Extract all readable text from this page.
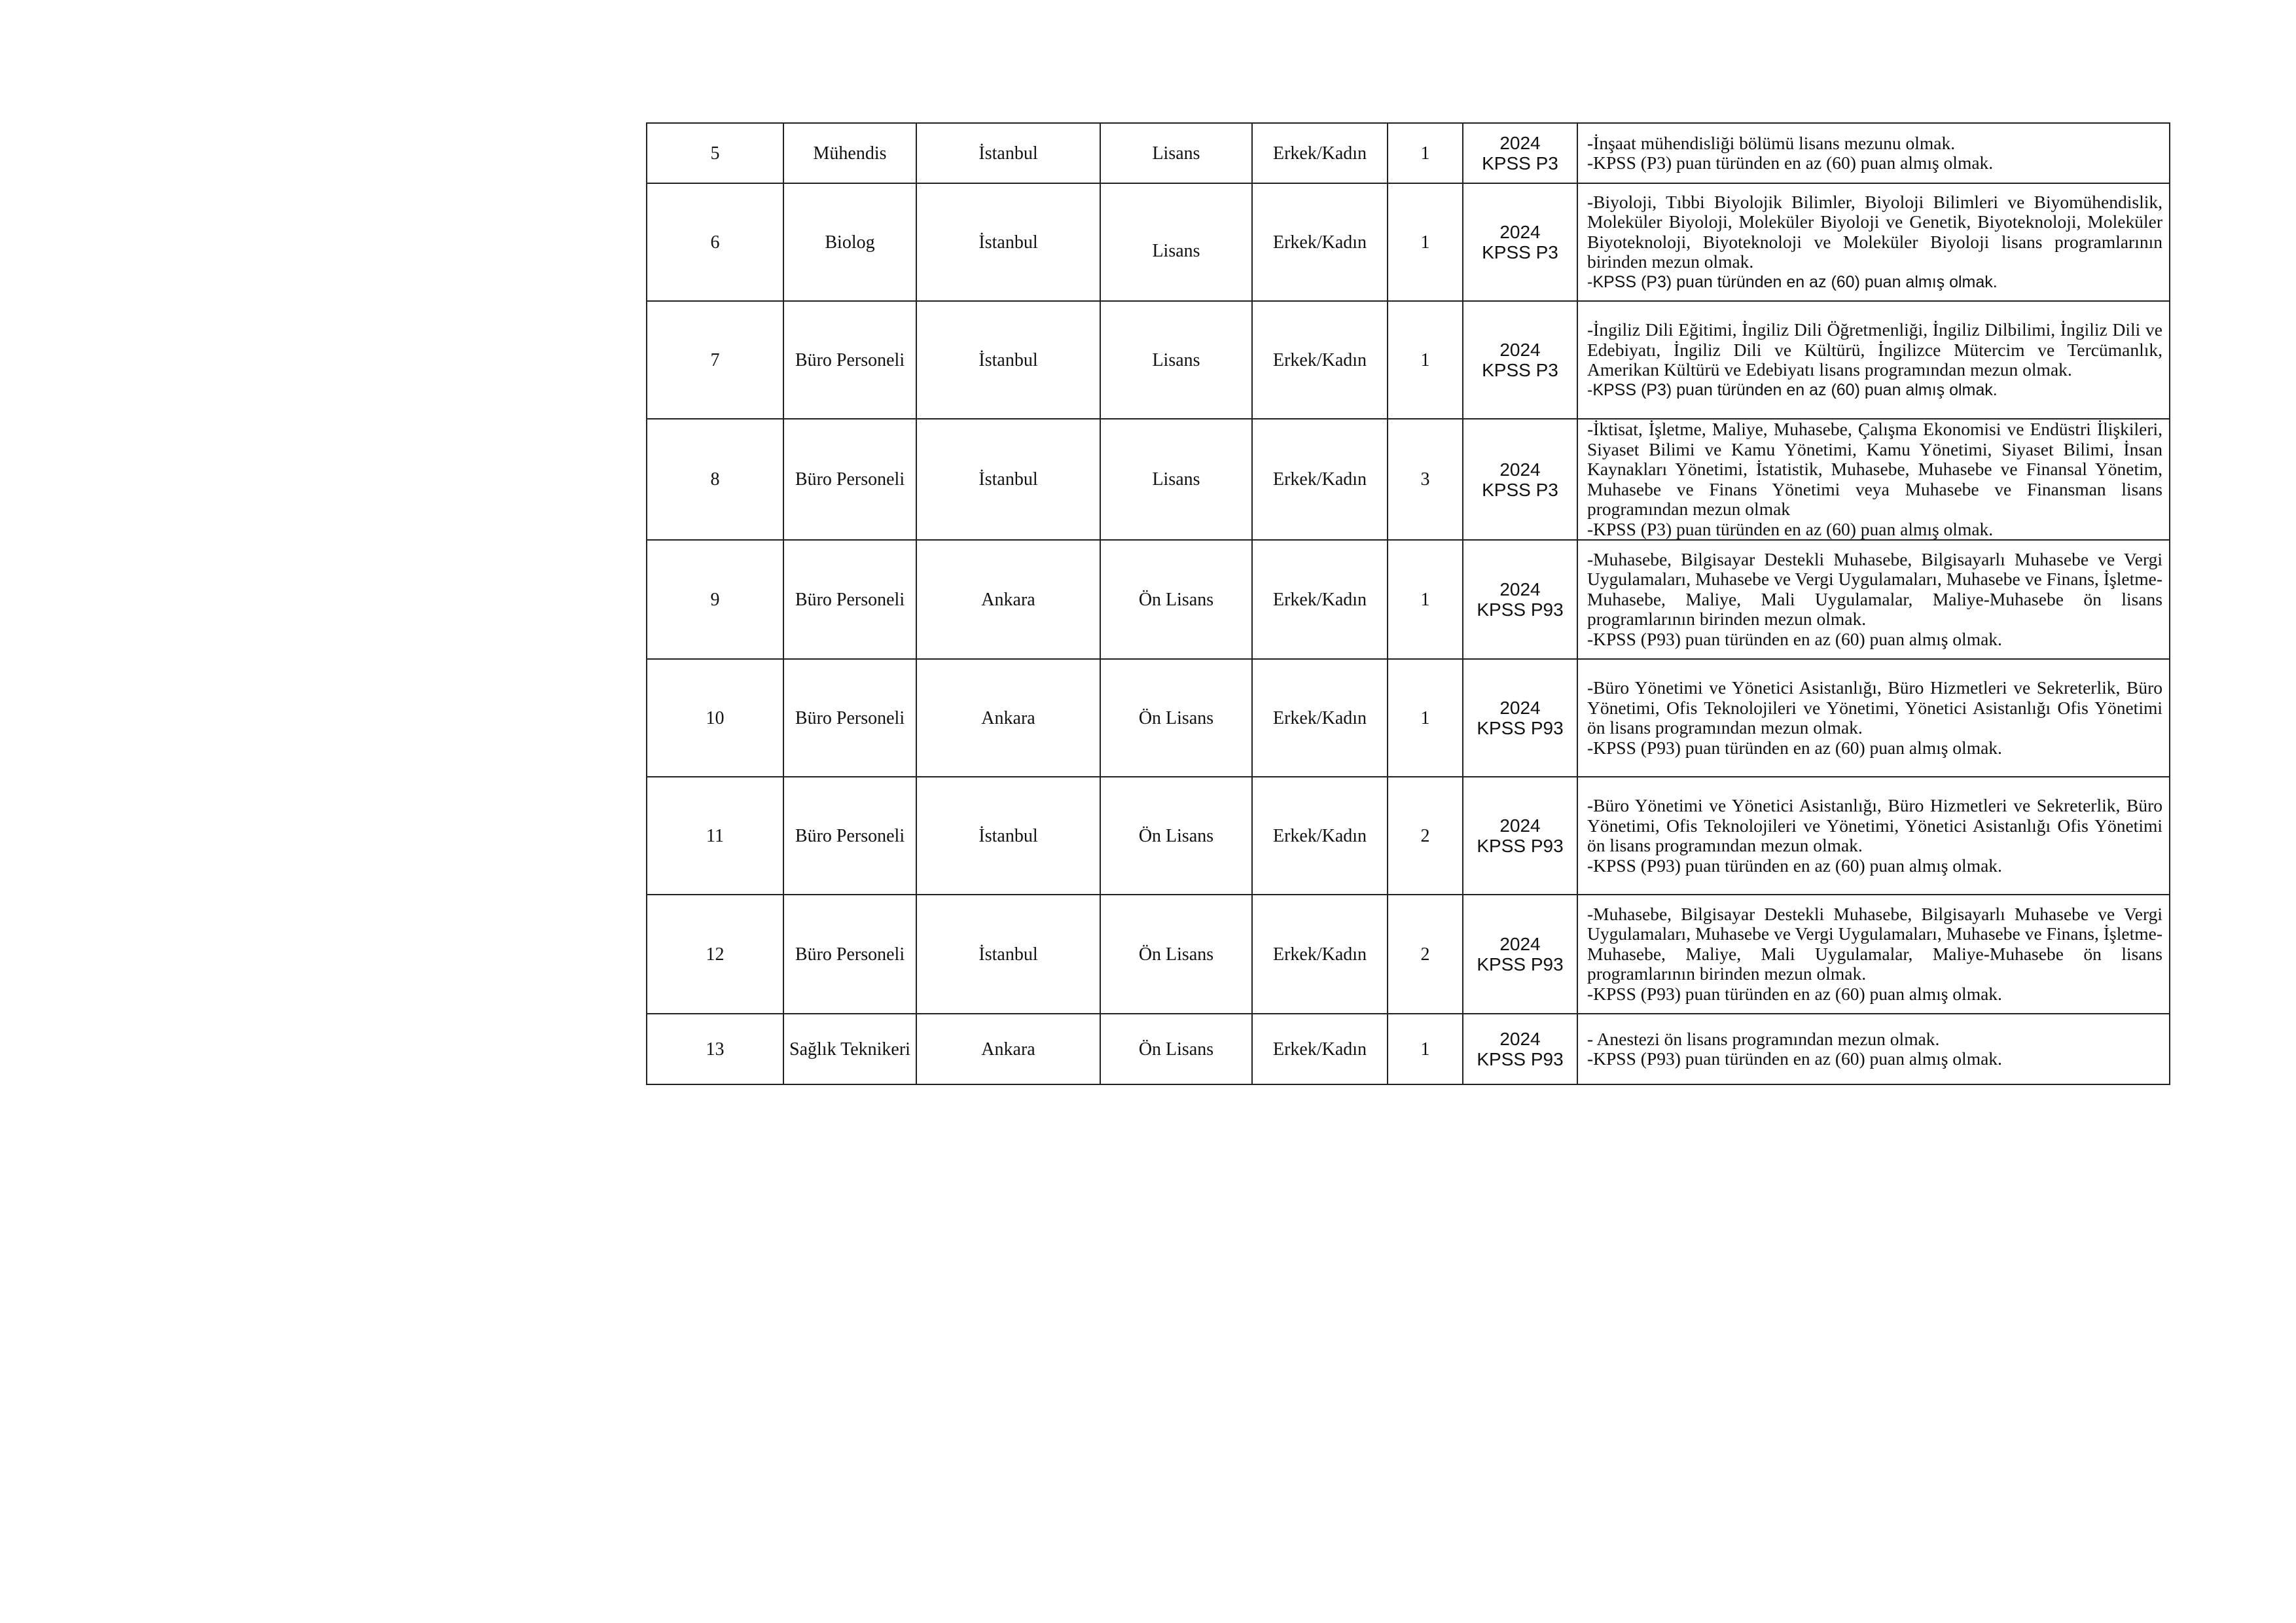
5	Mühendis	İstanbul	Lisans	Erkek/Kadın	1	2024
KPSS P3	-İnşaat mühendisliği bölümü lisans mezunu olmak.
-KPSS (P3) puan türünden en az (60) puan almış olmak.

6	Biolog	İstanbul	Lisans	Erkek/Kadın	1	2024
KPSS P3	-Biyoloji, Tıbbi Biyolojik Bilimler, Biyoloji Bilimleri ve Biyomühendislik, Moleküler Biyoloji, Moleküler Biyoloji ve Genetik, Biyoteknoloji, Moleküler Biyoteknoloji, Biyoteknoloji ve Moleküler Biyoloji lisans programlarının birinden mezun olmak.
-KPSS (P3) puan türünden en az (60) puan almış olmak.

7	Büro Personeli	İstanbul	Lisans	Erkek/Kadın	1	2024
KPSS P3	-İngiliz Dili Eğitimi, İngiliz Dili Öğretmenliği, İngiliz Dilbilimi, İngiliz Dili ve Edebiyatı, İngiliz Dili ve Kültürü, İngilizce Mütercim ve Tercümanlık, Amerikan Kültürü ve Edebiyatı lisans programından mezun olmak.
-KPSS (P3) puan türünden en az (60) puan almış olmak.

8	Büro Personeli	İstanbul	Lisans	Erkek/Kadın	3	2024
KPSS P3	-İktisat, İşletme, Maliye, Muhasebe, Çalışma Ekonomisi ve Endüstri İlişkileri, Siyaset Bilimi ve Kamu Yönetimi, Kamu Yönetimi, Siyaset Bilimi, İnsan Kaynakları Yönetimi, İstatistik, Muhasebe, Muhasebe ve Finansal Yönetim, Muhasebe ve Finans Yönetimi veya Muhasebe ve Finansman lisans programından mezun olmak
-KPSS (P3) puan türünden en az (60) puan almış olmak.

9	Büro Personeli	Ankara	Ön Lisans	Erkek/Kadın	1	2024
KPSS P93	-Muhasebe, Bilgisayar Destekli Muhasebe, Bilgisayarlı Muhasebe ve Vergi Uygulamaları, Muhasebe ve Vergi Uygulamaları, Muhasebe ve Finans, İşletme-Muhasebe, Maliye, Mali Uygulamalar, Maliye-Muhasebe ön lisans programlarının birinden mezun olmak.
-KPSS (P93) puan türünden en az (60) puan almış olmak.

10	Büro Personeli	Ankara	Ön Lisans	Erkek/Kadın	1	2024
KPSS P93	-Büro Yönetimi ve Yönetici Asistanlığı, Büro Hizmetleri ve Sekreterlik, Büro Yönetimi, Ofis Teknolojileri ve Yönetimi, Yönetici Asistanlığı Ofis Yönetimi ön lisans programından mezun olmak.
-KPSS (P93) puan türünden en az (60) puan almış olmak.

11	Büro Personeli	İstanbul	Ön Lisans	Erkek/Kadın	2	2024
KPSS P93	-Büro Yönetimi ve Yönetici Asistanlığı, Büro Hizmetleri ve Sekreterlik, Büro Yönetimi, Ofis Teknolojileri ve Yönetimi, Yönetici Asistanlığı Ofis Yönetimi ön lisans programından mezun olmak.
-KPSS (P93) puan türünden en az (60) puan almış olmak.

12	Büro Personeli	İstanbul	Ön Lisans	Erkek/Kadın	2	2024
KPSS P93	-Muhasebe, Bilgisayar Destekli Muhasebe, Bilgisayarlı Muhasebe ve Vergi Uygulamaları, Muhasebe ve Vergi Uygulamaları, Muhasebe ve Finans, İşletme-Muhasebe, Maliye, Mali Uygulamalar, Maliye-Muhasebe ön lisans programlarının birinden mezun olmak.
-KPSS (P93) puan türünden en az (60) puan almış olmak.

13	Sağlık Teknikeri	Ankara	Ön Lisans	Erkek/Kadın	1	2024
KPSS P93	- Anestezi ön lisans programından mezun olmak.
-KPSS (P93) puan türünden en az (60) puan almış olmak.
